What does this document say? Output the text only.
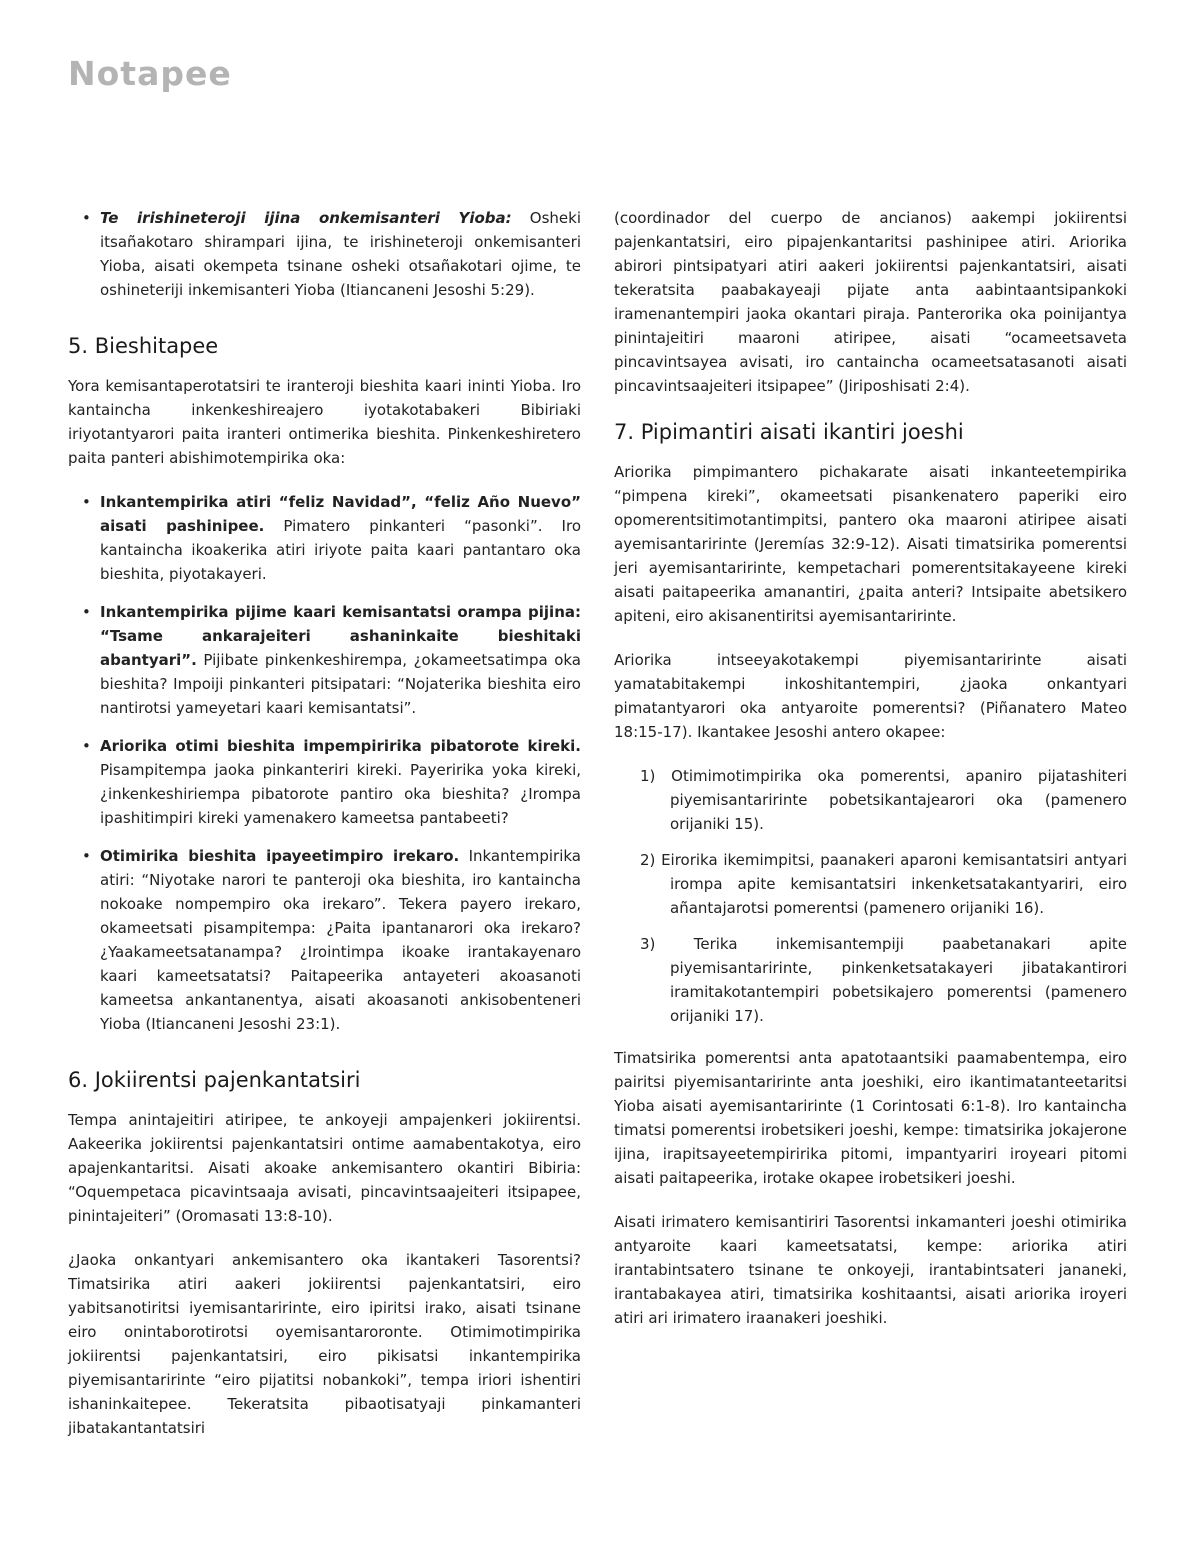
Notapee
• Te irishineteroji ijina onkemisanteri Yioba: Osheki itsañakotaro shirampari ijina, te irishineteroji onkemisanteri Yioba, aisati okempeta tsinane osheki otsañakotari ojime, te oshineteriji inkemisanteri Yioba (Itiancaneni Jesoshi 5:29).
5. Bieshitapee

Yora kemisantaperotatsiri te iranteroji bieshita kaari ininti Yioba. Iro kantaincha inkenkeshireajero iyotakotabakeri Bibiriaki iriyotantyarori paita iranteri ontimerika bieshita. Pinkenkeshiretero paita panteri abishimotempirika oka:

• Inkantempirika atiri “feliz Navidad”, “feliz Año Nuevo” aisati pashinipee. Pimatero pinkanteri “pasonki”. Iro kantaincha ikoakerika atiri iriyote paita kaari pantantaro oka bieshita, piyotakayeri.
• Inkantempirika pijime kaari kemisantatsi orampa pijina: “Tsame ankarajeiteri ashaninkaite bieshitaki abantyari”. Pijibate pinkenkeshirempa, ¿okameetsatimpa oka bieshita? Impoiji pinkanteri pitsipatari: “Nojaterika bieshita eiro nantirotsi yameyetari kaari kemisantatsi”.
• Ariorika otimi bieshita impempiririka pibatorote kireki. Pisampitempa jaoka pinkanteriri kireki. Payeririka yoka kireki, ¿inkenkeshiriempa pibatorote pantiro oka bieshita? ¿Irompa ipashitimpiri kireki yamenakero kameetsa pantabeeti?
• Otimirika bieshita ipayeetimpiro irekaro. Inkantempirika atiri: “Niyotake narori te panteroji oka bieshita, iro kantaincha nokoake nompempiro oka irekaro”. Tekera payero irekaro, okameetsati pisampitempa: ¿Paita ipantanarori oka irekaro? ¿Yaakameetsatanampa? ¿Irointimpa ikoake irantakayenaro kaari kameetsatatsi? Paitapeerika antayeteri akoasanoti kameetsa ankantanentya, aisati akoasanoti ankisobenteneri Yioba (Itiancaneni Jesoshi 23:1).
6. Jokiirentsi pajenkantatsiri

Tempa anintajeitiri atiripee, te ankoyeji ampajenkeri jokiirentsi. Aakeerika jokiirentsi pajenkantatsiri ontime aamabentakotya, eiro apajenkantaritsi. Aisati akoake ankemisantero okantiri Bibiria: “Oquempetaca picavintsaaja avisati, pincavintsaajeiteri itsipapee, pinintajeiteri” (Oromasati 13:8-10).

¿Jaoka onkantyari ankemisantero oka ikantakeri Tasorentsi? Timatsirika atiri aakeri jokiirentsi pajenkantatsiri, eiro yabitsanotiritsi iyemisantaririnte, eiro ipiritsi irako, aisati tsinane eiro onintaborotirotsi oyemisantaroronte. Otimimotimpirika jokiirentsi pajenkantatsiri, eiro pikisatsi inkantempirika piyemisantaririnte “eiro pijatitsi nobankoki”, tempa iriori ishentiri ishaninkaitepee. Tekeratsita pibaotisatyaji pinkamanteri jibatakantantatsiri

(coordinador del cuerpo de ancianos) aakempi jokiirentsi pajenkantatsiri, eiro pipajenkantaritsi pashinipee atiri. Ariorika abirori pintsipatyari atiri aakeri jokiirentsi pajenkantatsiri, aisati tekeratsita paabakayeaji pijate anta aabintaantsipankoki iramenantempiri jaoka okantari piraja. Panterorika oka poinijantya pinintajeitiri maaroni atiripee, aisati “ocameetsaveta pincavintsayea avisati, iro cantaincha ocameetsatasanoti aisati pincavintsaajeiteri itsipapee” (Jiriposhisati 2:4).

7. Pipimantiri aisati ikantiri joeshi

Ariorika pimpimantero pichakarate aisati inkanteetempirika “pimpena kireki”, okameetsati pisankenatero paperiki eiro opomerentsitimotantimpitsi, pantero oka maaroni atiripee aisati ayemisantaririnte (Jeremías 32:9-12). Aisati timatsirika pomerentsi jeri ayemisantaririnte, kempetachari pomerentsitakayeene kireki aisati paitapeerika amanantiri, ¿paita anteri? Intsipaite abetsikero apiteni, eiro akisanentiritsi ayemisantaririnte.

Ariorika intseeyakotakempi piyemisantaririnte aisati yamatabitakempi inkoshitantempiri, ¿jaoka onkantyari pimatantyarori oka antyaroite pomerentsi? (Piñanatero Mateo 18:15-17). Ikantakee Jesoshi antero okapee:

1) Otimimotimpirika oka pomerentsi, apaniro pijatashiteri piyemisantaririnte pobetsikantajearori oka (pamenero orijaniki 15).
2) Eirorika ikemimpitsi, paanakeri aparoni kemisantatsiri antyari irompa apite kemisantatsiri inkenketsatakantyariri, eiro añantajarotsi pomerentsi (pamenero orijaniki 16).
3)	Terika inkemisantempiji paabetanakari apite piyemisantaririnte, pinkenketsatakayeri jibatakantirori iramitakotantempiri pobetsikajero pomerentsi (pamenero orijaniki 17).

Timatsirika pomerentsi anta apatotaantsiki paamabentempa, eiro pairitsi piyemisantaririnte anta joeshiki, eiro ikantimatanteetaritsi Yioba aisati ayemisantaririnte (1 Corintosati 6:1-8). Iro kantaincha timatsi pomerentsi irobetsikeri joeshi, kempe: timatsirika jokajerone ijina, irapitsayeetempiririka pitomi, impantyariri iroyeari pitomi aisati paitapeerika, irotake okapee irobetsikeri joeshi.

Aisati irimatero kemisantiriri Tasorentsi inkamanteri joeshi otimirika antyaroite kaari kameetsatatsi, kempe: ariorika atiri irantabintsatero tsinane te onkoyeji, irantabintsateri jananeki, irantabakayea atiri, timatsirika koshitaantsi, aisati ariorika iroyeri atiri ari irimatero iraanakeri joeshiki.
